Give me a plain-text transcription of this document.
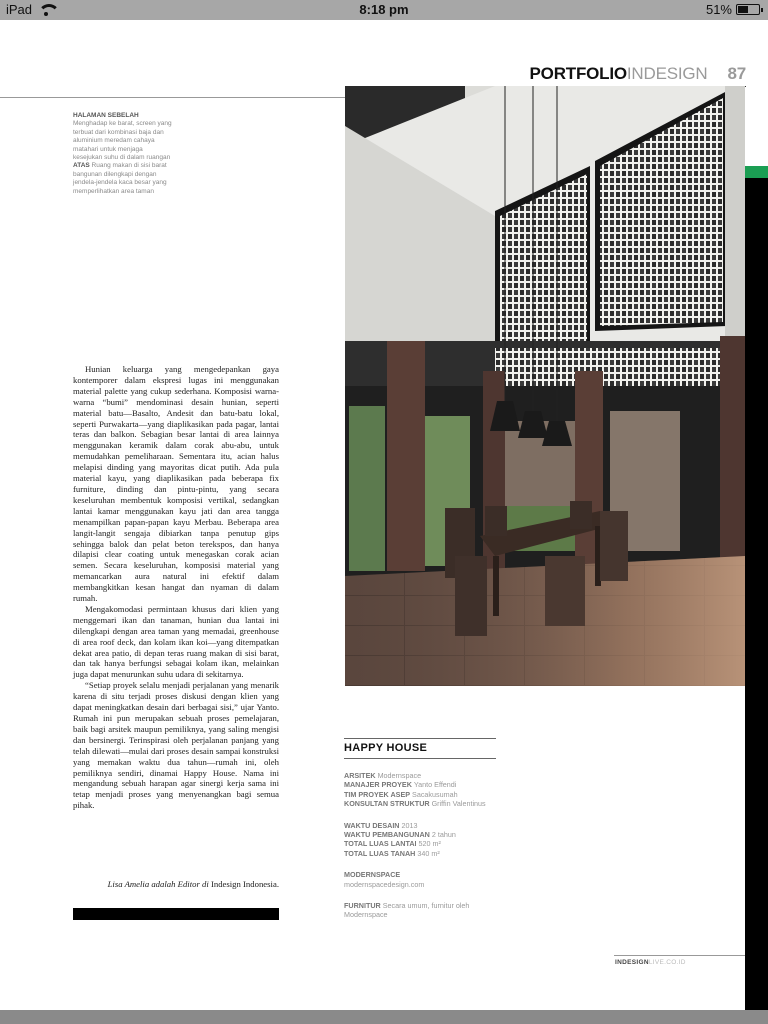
iPad	8:18 pm	51%
PORTFOLIO INDESIGN 87
HALAMAN SEBELAH
Menghadap ke barat, screen yang terbuat dari kombinasi baja dan aluminium meredam cahaya matahari untuk menjaga kesejukan suhu di dalam ruangan
ATAS Ruang makan di sisi barat bangunan dilengkapi dengan jendela-jendela kaca besar yang memperlihatkan area taman

Hunian keluarga yang mengedepankan gaya kontemporer dalam ekspresi lugas ini menggunakan material palette yang cukup sederhana. Komposisi warna-warna “bumi” mendominasi desain hunian, seperti material batu—Basalto, Andesit dan batu-batu lokal, seperti Purwakarta—yang diaplikasikan pada pagar, lantai teras dan balkon. Sebagian besar lantai di area lainnya menggunakan keramik dalam corak abu-abu, untuk memudahkan pemeliharaan. Sementara itu, acian halus melapisi dinding yang mayoritas dicat putih. Ada pula material kayu, yang diaplikasikan pada beberapa fix furniture, dinding dan pintu-pintu, yang secara keseluruhan membentuk komposisi vertikal, sedangkan lantai kamar menggunakan kayu jati dan area tangga menampilkan papan-papan kayu Merbau. Beberapa area langit-langit sengaja dibiarkan tanpa penutup gips sehingga balok dan pelat beton terekspos, dan hanya dilapisi clear coating untuk menegaskan corak acian semen. Secara keseluruhan, komposisi material yang memancarkan aura natural ini efektif dalam membangkitkan kesan hangat dan nyaman di dalam rumah.

Mengakomodasi permintaan khusus dari klien yang menggemari ikan dan tanaman, hunian dua lantai ini dilengkapi dengan area taman yang memadai, greenhouse di area roof deck, dan kolam ikan koi—yang ditempatkan dekat area patio, di depan teras ruang makan di sisi barat, dan tak hanya berfungsi sebagai kolam ikan, melainkan juga dapat menurunkan suhu udara di sekitarnya.

“Setiap proyek selalu menjadi perjalanan yang menarik karena di situ terjadi proses diskusi dengan klien yang dapat meningkatkan desain dari berbagai sisi,” ujar Yanto. Rumah ini pun merupakan sebuah proses pemelajaran, baik bagi arsitek maupun pemiliknya, yang saling mengisi dan bersinergi. Terinspirasi oleh perjalanan panjang yang telah dilewati—mulai dari proses desain sampai konstruksi yang memakan waktu dua tahun—rumah ini, oleh pemiliknya sendiri, dinamai Happy House. Nama ini mengandung sebuah harapan agar sinergi kerja sama ini tetap menjadi proses yang menyenangkan bagi semua pihak.

Lisa Amelia adalah Editor di Indesign Indonesia.
HAPPY HOUSE
ARSITEK Modernspace
MANAJER PROYEK Yanto Effendi
TIM PROYEK ASEP Sacakusumah
KONSULTAN STRUKTUR Griffin Valentinus
WAKTU DESAIN 2013
WAKTU PEMBANGUNAN 2 tahun
TOTAL LUAS LANTAI 520 m²
TOTAL LUAS TANAH 340 m²
MODERNSPACE
modernspacedesign.com
FURNITUR Secara umum, furnitur oleh Modernspace
INDESIGNLIVE.CO.ID
